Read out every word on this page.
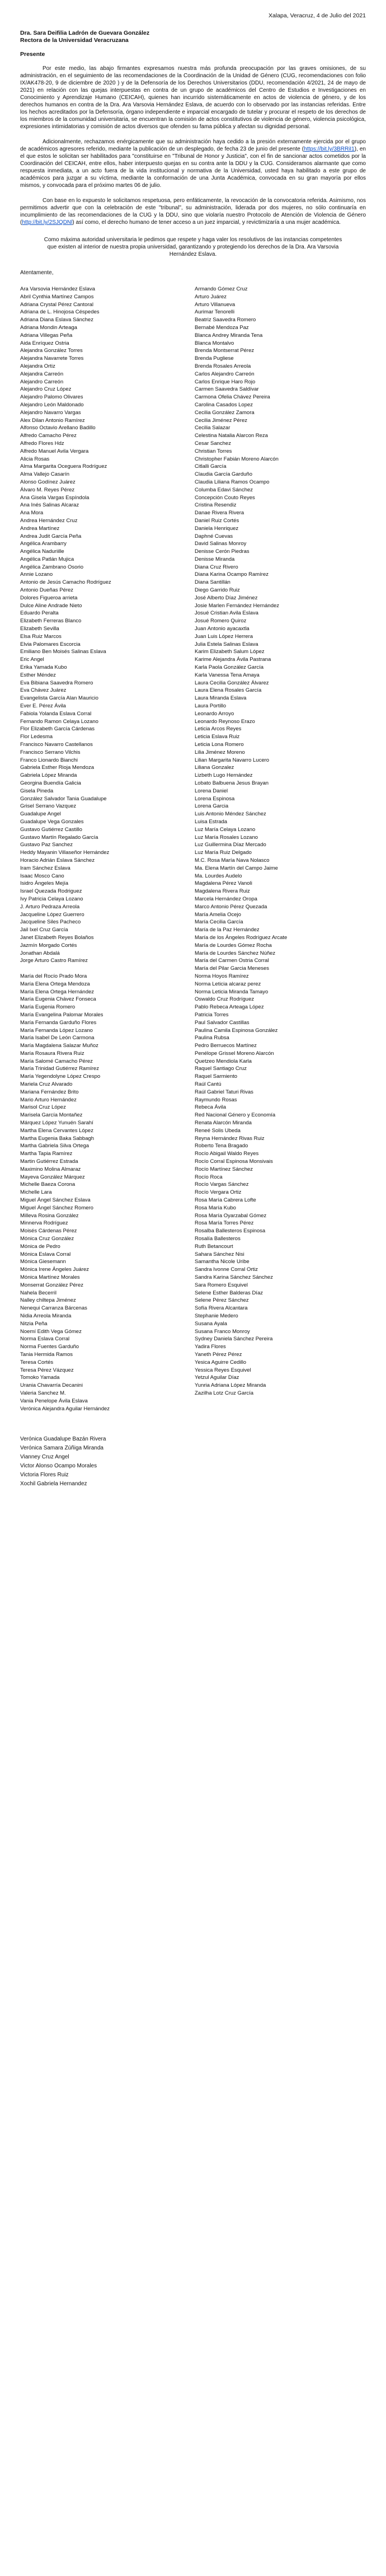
Xalapa, Veracruz, 4 de Julio del 2021

Dra. Sara Deifilia Ladrón de Guevara González

Rectora de la Universidad Veracruzana

Presente

Por este medio, las abajo firmantes expresamos nuestra más profunda preocupación por las graves omisiones, de su administración, en el seguimiento de las recomendaciones de la Coordinación de la Unidad de Género (CUG, recomendaciones con folio IX/AK478-20, 9 de diciembre de 2020 ) y de la Defensoría de los Derechos Universitarios (DDU, recomendación 4/2021, 24 de mayo de 2021) en relación con las quejas interpuestas en contra de un grupo de académicos del Centro de Estudios e Investigaciones en Conocimiento y Aprendizaje Humano (CEICAH), quienes han incurrido sistemáticamente en actos de violencia de género, y de los derechos humanos en contra de la Dra. Ara Varsovia Hernández Eslava, de acuerdo con lo observado por las instancias referidas. Entre los hechos acreditados por la Defensoría, órgano independiente e imparcial encargado de tutelar y procurar el respeto de los derechos de los miembros de la comunidad universitaria, se encuentran la comisión de actos constitutivos de violencia de género, violencia psicológica, expresiones intimidatorias y comisión de actos diversos que ofenden su fama pública y afectan su dignidad personal.

Adicionalmente, rechazamos enérgicamente que su administración haya cedido a la presión externamente ejercida por el grupo de académicos agresores referido, mediante la publicación de un desplegado, de fecha 23 de junio del presente (https://bit.ly/3BRRiI1), en el que estos le solicitan ser habilitados para "constituirse en "Tribunal de Honor y Justicia", con el fin de sancionar actos cometidos por la Coordinación del CEICAH, entre ellos, haber interpuesto quejas en su contra ante la DDU y la CUG. Consideramos alarmante que como respuesta inmediata, a un acto fuera de la vida institucional y normativa de la Universidad, usted haya habilitado a este grupo de académicos para juzgar a su víctima, mediante la conformación de una Junta Académica, convocada en su gran mayoría por ellos mismos, y convocada para el próximo martes 06 de julio.

Con base en lo expuesto le solicitamos respetuosa, pero enfáticamente, la revocación de la convocatoria referida. Asimismo, nos permitimos advertir que con la celebración de este "tribunal", su administración, liderada por dos mujeres, no sólo continuaría en incumplimiento de las recomendaciones de la CUG y la DDU, sino que violaría nuestro Protocolo de Atención de Violencia de Género (http://bit.ly/2SJQDNl) así como, el derecho humano de tener acceso a un juez imparcial, y revictimizaría a una mujer académica.

Como máxima autoridad universitaria le pedimos que respete y haga valer los resolutivos de las instancias competentes que existen al interior de nuestra propia universidad, garantizando y protegiendo los derechos de la Dra. Ara Varsovia Hernández Eslava.

Atentamente,

Ara Varsovia Hernández Eslava
Abril Cynthia Martínez Campos
Adriana Crystal Pérez Cantoral
Adriana de L. Hinojosa Céspedes
Adriana Diana Eslava Sánchez
Adriana Mondin Arteaga
Adriana Villegas Peña
Aida Enríquez Ostria
Alejandra González Torres
Alejandra Navarrete Torres
Alejandra Ortiz
Alejandra Carreón
Alejandro Carreón
Alejandro Cruz López
Alejandro Palomo Olivares
Alejandro León Maldonado
Alejandro Navarro Vargas
Alex Dilan Antonio Ramírez
Alfonso Octavio Arellano Badillo
Alfredo Camacho Pérez
Alfredo Flores Hdz
Alfredo Manuel Avila Vergara
Alicia Rosas
Alma Margarita Oceguera Rodríguez
Alma Vallejo Casarín
Alonso Godínez Juárez
Álvaro M. Reyes Pérez
Ana Gisela Vargas Espíndola
Ana Inés Salinas Alcaraz
Ana Mora
Andrea Hernández Cruz
Andrea Martínez
Andrea Judit García Peña
Angélica Arambarry
Angélica Naduriille
Angélica Patlán Mujica
Angélica Zambrano Osorio
Annie Lozano
Antonio de Jesús Camacho Rodríguez
Antonio Dueñas Pérez
Armando Gómez Cruz
Arturo Juárez
Arturo Villanueva
Aurimar Tenorelli
Beatriz Saavedra Romero
Bernabé Mendoza Paz
Blanca Andrey Miranda Tena
Blanca Montalvo
Brenda Montserrat Pérez
Brenda Pugliese
Brenda Rosales Arreola
Carlos Alejandro Carreón
Carlos Enrique Haro Rojo
Carmen Saavedra Saldívar
Carmona Ofelia Chávez Pereira
Carolina Casados Lopez
Cecilia González Zamora
Cecilia Jiménez Pérez
Cecilia Salazar
Celestina Natalia Alarcon Reza
Cesar Sanchez
Christian Torres
Christopher Fabián Moreno Alarcón
Citlalli García
Claudia García Garduño
Claudia Liliana Ramos Ocampo
Columba Edavi Sánchez
Concepción Couto Reyes
Cristina Resendiz
Danae Rivera Rivera
Daniel Ruiz Cortés
Daniela Henriquez
Daphné Cuevas
David Salinas Monroy
Denisse Cerón Piedras
Denisse Miranda
Diana Cruz Rivero
Diana Karina Ocampo Ramírez
Diana Santillán
Diego Garrido Ruiz
Dolores Figueroa arrieta
Dulce Aline Andrade Nieto
Eduardo Peralta
Elizabeth Ferreras Blanco
Elizabeth Sevilla
Elsa Ruiz Marcos
Elvia Palomares Escorcia
Emiliano Ben Moisés Salinas Eslava
Eric Angel
Erika Yamada Kubo
Esther Méndez
Eva Bibiana Saavedra Romero
Eva Chávez Juárez
Evangelista García Alan Mauricio
Ever E. Pérez Ávila
Fabiola Yolanda Eslava Corral
Fernando Ramon Celaya Lozano
Flor Elizabeth García Cárdenas
Flor Ledesma
Francisco Navarro Castellanos
Francisco Serrano Vilchis
Franco Lionardo Bianchi
Gabriela Esther Rioja Mendoza
Gabriela López Miranda
Georgina Buendía Galicia
Gisela Pineda
González Salvador Tania Guadalupe
Grisel Serrano Vazquez
Guadalupe Angel
Guadalupe Vega Gonzales
Gustavo Gutiérrez Castillo
Gustavo Martín Regalado García
Gustavo Paz Sanchez
Heddy Mayanin Villaseñor Hernández
Horacio Adrián Eslava Sánchez
Iram Sánchez Eslava
Isaac Mosco Cano
Isidro Ángeles Mejía
Israel Quezada Rodriguez
Ivy Patricia Celaya Lozano
J. Arturo Pedraza Arreola
Jacqueline López Guerrero
Jacqueline Siles Pacheco
Jail Ixel Cruz García
Janet Elizabeth Reyes Bolaños
Jazmín Morgado Cortés
Jonathan Abdalá
Jorge Arturo Castro Ramírez
José Alberto Díaz Jiménez
Josie Marlen Fernández Hernández
Josué Cristian Avila Eslava
Josué Romero Quiroz
Juan Antonio ayacaxtla
Juan Luis López Herrera
Julia Estela Salinas Eslava
Karim Elizabeth Salum López
Karime Alejandra Ávila Pastrana
Karla Paola González García
Karla Vanessa Tena Amaya
Laura Cecilia González Álvarez
Laura Elena Rosales García
Laura Miranda Eslava
Laura Portillo
Leonardo Arroyo
Leonardo Reynoso Erazo
Leticia Arcos Reyes
Leticia Eslava Ruiz
Leticia Lona Romero
Lilia Jiménez Moreno
Lilian Margarita Navarro Lucero
Liliana Gonzalez
Lizbeth Lugo Hernández
Lobato Balbuena Jesus Brayan
Lorena Daniel
Lorena Espinosa
Lorena Garcia
Luis Antonio Méndez Sánchez
Luisa Estrada
Luz María Celaya Lozano
Luz María Rosales Lozano
Luz Guillermina Díaz Mercado
Luz María Ruiz Delgado
M.C. Rosa María Nava Nolasco
Ma. Elena Martín del Campo Jaime
Ma. Lourdes Audelo
Magdalena Pérez Vanoli
Magdalena Rivera Ruiz
Marcela Hernández Oropa
Marco Antonio Pérez Quezada
María Amelia Ocejo
María Cecilia García
María de la Paz Hernández
María de los Ángeles Rodríguez Arcate
María de Lourdes Gómez Rocha
María de Lourdes Sánchez Núñez
María del Carmen Ostria Corral
María del Pilar Garcia Meneses
María del Rocío Prado Mora
María Elena Ortega Mendoza
María Elena Ortega Hernández
María Eugenia Chávez Fonseca
María Eugenia Romero
María Evangelina Palomar Morales
María Fernanda Garduño Flores
María Fernanda López Lozano
María Isabel De León Carmona
María Magdalena Salazar Muñoz
María Rosaura Rivera Ruiz
María Salomé Camacho Pérez
María Trinidad Gutiérrez Ramírez
María Yegendolyne López Crespo
Mariela Cruz Alvarado
Mariana Fernández Brito
Mario Arturo Hernández
Marisol Cruz López
Marisela García Montañez
Márquez López Yunuén Sarahí
Martha Elena Cervantes López
Martha Eugenia Baka Sabbagh
Martha Gabriela Silva Ortega
Martha Tapia Ramírez
Martin Gutiérrez Estrada
Maximino Molina Almaraz
Mayeva González Márquez
Michelle Baeza Corona
Michelle Lara
Miguel Ángel Sánchez Eslava
Miguel Ángel Sánchez Romero
Milleva Rosina González
Minnerva Rodríguez
Moisés Cárdenas Pérez
Mónica Cruz González
Mónica de Pedro
Mónica Eslava Corral
Mónica Giesemann
Mónica Irene Ángeles Juárez
Mónica Martínez Morales
Monserrat González Pérez
Nahela Becerril
Nalley chiltepa Jiménez
Nenequi Carranza Bárcenas
Nidia Arreola Miranda
Nitzia Peña
Noemí Edith Vega Gómez
Norma Eslava Corral
Norma Fuentes Garduño
Tania Hermida Ramos
Teresa Cortés
Teresa Pérez Vázquez
Tomoko Yamada
Urania Chavarría Decanini
Valeria Sanchez M.
Vania Penelope Ávila Eslava
Verónica Alejandra Aguilar Hernández
Norma Hoyos Ramírez
Norma Leticia alcaraz perez
Norma Leticia Miranda Tamayo
Oswaldo Cruz Rodríguez
Pablo Rebeca Arteaga López
Patricia Torres
Paul Salvador Castillas
Paulina Camila Espinosa González
Paulina Rubsa
Pedro Berruecos Martínez
Penélope Grissel Moreno Alarcón
Quetzeo Mendiola Karla
Raquel Santiago Cruz
Raquel Sarmiento
Raúl Cantú
Raúl Gabriel Taturi Rivas
Raymundo Rosas
Rebeca Ávila
Red Nacional Género y Economía
Renata Alarcón Miranda
Reneé Solis Ubeda
Reyna Hernández Rivas Ruiz
Roberto Tena Bragado
Rocío Abigail Waldo Reyes
Rocío Corral Espinosa Monsivais
Rocío Martínez Sánchez
Rocío Roca
Rocío Vargas Sánchez
Rocío Vergara Ortiz
Rosa María Cabrera Lofte
Rosa María Kubo
Rosa María Oyarzabal Gómez
Rosa María Torres Pérez
Rosalba Ballesteros Espinosa
Rosalía Ballesteros
Ruth Betancourt
Sahara Sánchez Nisi
Samantha Nicole Uribe
Sandra Ivonne Corral Ortiz
Sandra Karina Sánchez Sánchez
Sara Romero Esquivel
Selene Esther Balderas Díaz
Selene Pérez Sánchez
Sofía Rivera Alcantara
Stephanie Medero
Susana Ayala
Susana Franco Monroy
Sydney Daniela Sánchez Pereira
Yadira Flores
Yaneth Pérez Pérez
Yesica Aguirre Cedillo
Yessica Reyes Esquivel
Yetzul Aguilar Díaz
Yunria Adriana López Miranda
Zazilha Lotz Cruz García
Verónica Guadalupe Bazán Rivera
Verónica Samara Zúñiga Miranda
Vianney Cruz Angel
Victor Alonso Ocampo Morales
Victoria Flores Ruiz
Xochil Gabriela Hernandez
